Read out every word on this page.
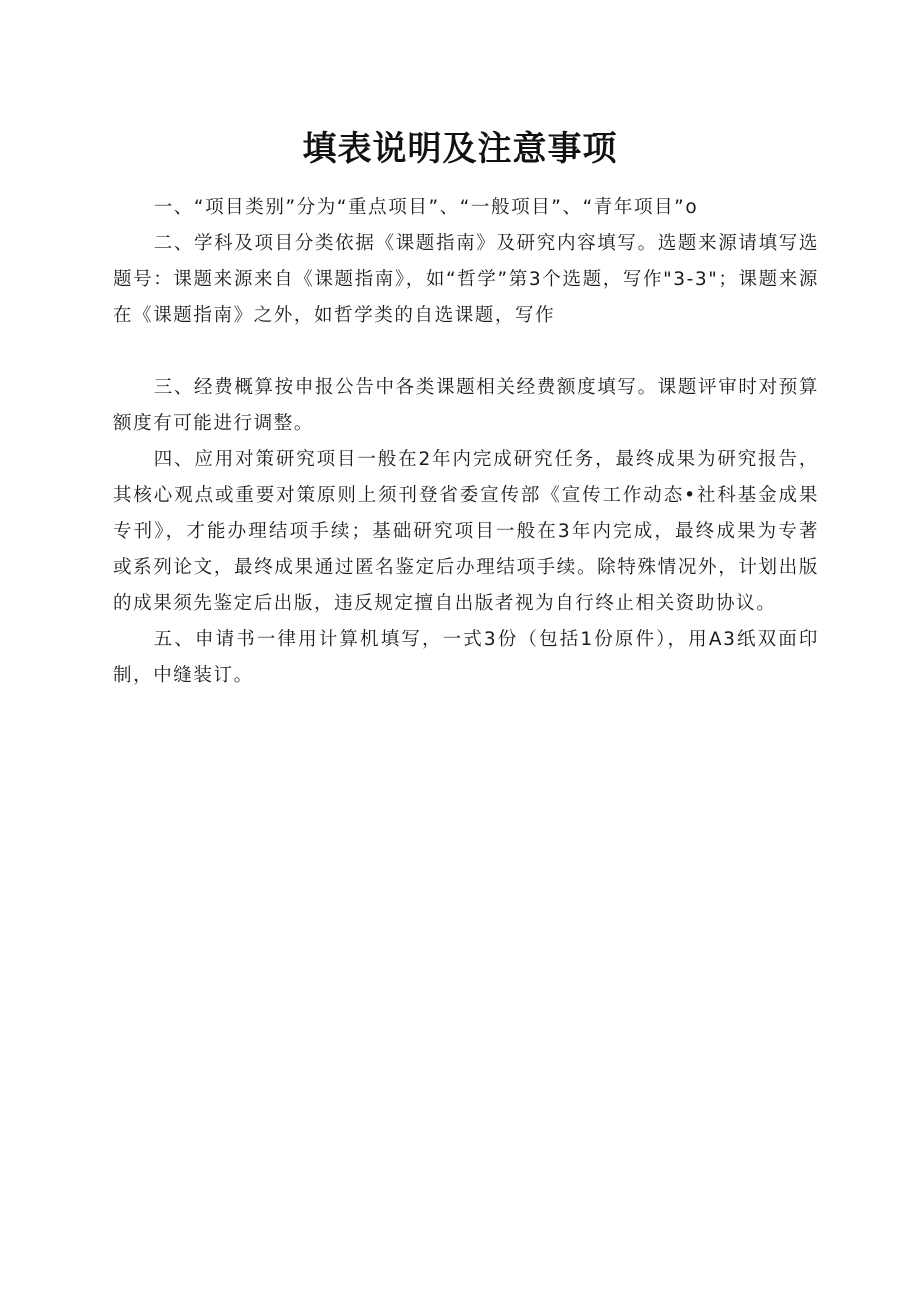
填表说明及注意事项

一、“项目类别”分为“重点项目”、“一般项目”、“青年项目”o

二、学科及项目分类依据《课题指南》及研究内容填写。选题来源请填写选题号：课题来源来自《课题指南》，如“哲学”第3个选题，写作"3-3"；课题来源在《课题指南》之外，如哲学类的自选课题，写作

三、经费概算按申报公告中各类课题相关经费额度填写。课题评审时对预算额度有可能进行调整。

四、应用对策研究项目一般在2年内完成研究任务，最终成果为研究报告，其核心观点或重要对策原则上须刊登省委宣传部《宣传工作动态•社科基金成果专刊》，才能办理结项手续；基础研究项目一般在3年内完成，最终成果为专著或系列论文，最终成果通过匿名鉴定后办理结项手续。除特殊情况外，计划出版的成果须先鉴定后出版，违反规定擅自出版者视为自行终止相关资助协议。

五、申请书一律用计算机填写，一式3份（包括1份原件），用A3纸双面印制，中缝装订。
